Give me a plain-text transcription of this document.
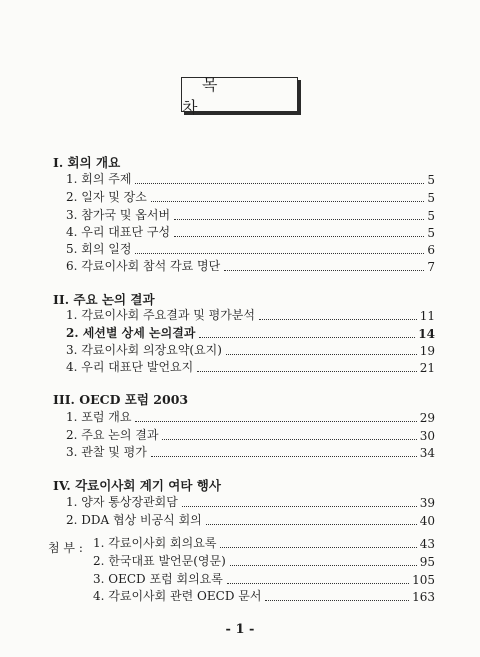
목 차
I. 회의 개요
1. 회의 주제	5
2. 일자 및 장소	5
3. 참가국 및 옵서버	5
4. 우리 대표단 구성	5
5. 회의 일정	6
6. 각료이사회 참석 각료 명단	7
II. 주요 논의 결과
1. 각료이사회 주요결과 및 평가분석	11
2. 세션별 상세 논의결과	14
3. 각료이사회 의장요약(요지)	19
4. 우리 대표단 발언요지	21
III. OECD 포럼 2003
1. 포럼 개요	29
2. 주요 논의 결과	30
3. 관찰 및 평가	34
IV. 각료이사회 계기 여타 행사
1. 양자 통상장관회담	39
2. DDA 협상 비공식 회의	40
첨 부 : 1. 각료이사회 회의요록	43
2. 한국대표 발언문(영문)	95
3. OECD 포럼 회의요록	105
4. 각료이사회 관련 OECD 문서	163
- 1 -
